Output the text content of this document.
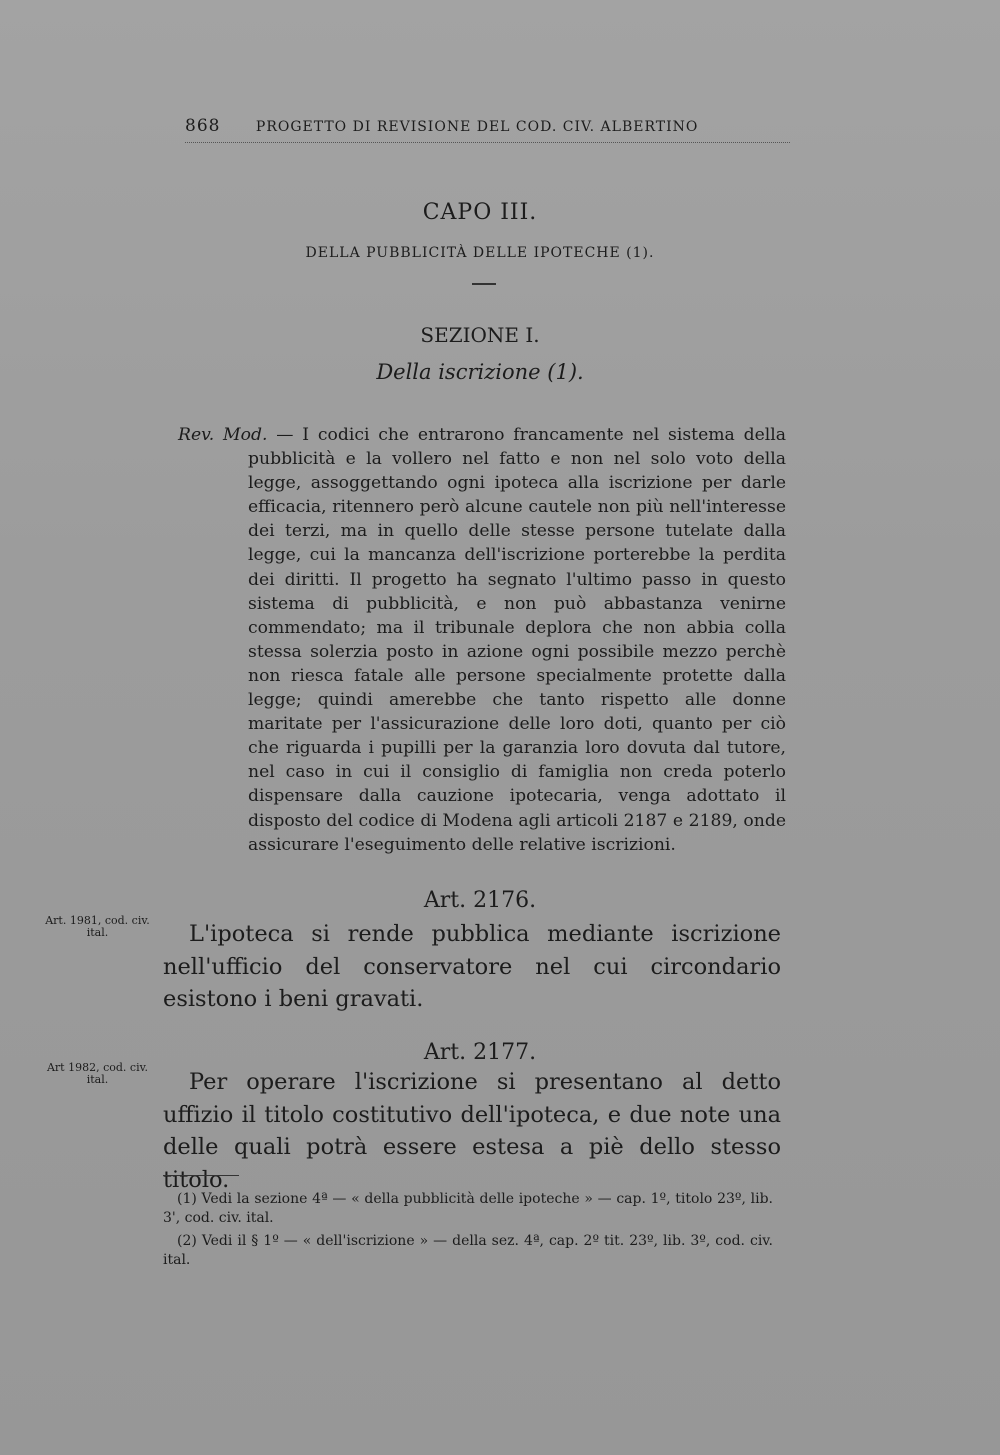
868	PROGETTO DI REVISIONE DEL COD. CIV. ALBERTINO
CAPO III.
DELLA PUBBLICITÀ DELLE IPOTECHE (1).
SEZIONE I.
Della iscrizione (1).
Rev. Mod. — I codici che entrarono francamente nel sistema della pubblicità e la vollero nel fatto e non nel solo voto della legge, assoggettando ogni ipoteca alla iscrizione per darle efficacia, ritennero però alcune cautele non più nell'interesse dei terzi, ma in quello delle stesse persone tutelate dalla legge, cui la mancanza dell'iscrizione porterebbe la perdita dei diritti. Il progetto ha segnato l'ultimo passo in questo sistema di pubblicità, e non può abbastanza venirne commendato; ma il tribunale deplora che non abbia colla stessa solerzia posto in azione ogni possibile mezzo perchè non riesca fatale alle persone specialmente protette dalla legge; quindi amerebbe che tanto rispetto alle donne maritate per l'assicurazione delle loro doti, quanto per ciò che riguarda i pupilli per la garanzia loro dovuta dal tutore, nel caso in cui il consiglio di famiglia non creda poterlo dispensare dalla cauzione ipotecaria, venga adottato il disposto del codice di Modena agli articoli 2187 e 2189, onde assicurare l'eseguimento delle relative iscrizioni.
Art. 1981, cod. civ. ital.
Art. 2176.
L'ipoteca si rende pubblica mediante iscrizione nell'ufficio del conservatore nel cui circondario esistono i beni gravati.
Art 1982, cod. civ. ital.
Art. 2177.
Per operare l'iscrizione si presentano al detto uffizio il titolo costitutivo dell'ipoteca, e due note una delle quali potrà essere estesa a piè dello stesso titolo.

(1) Vedi la sezione 4ª — « della pubblicità delle ipoteche » — cap. 1º, titolo 23º, lib. 3', cod. civ. ital.

(2) Vedi il § 1º — « dell'iscrizione » — della sez. 4ª, cap. 2º tit. 23º, lib. 3º, cod. civ. ital.
